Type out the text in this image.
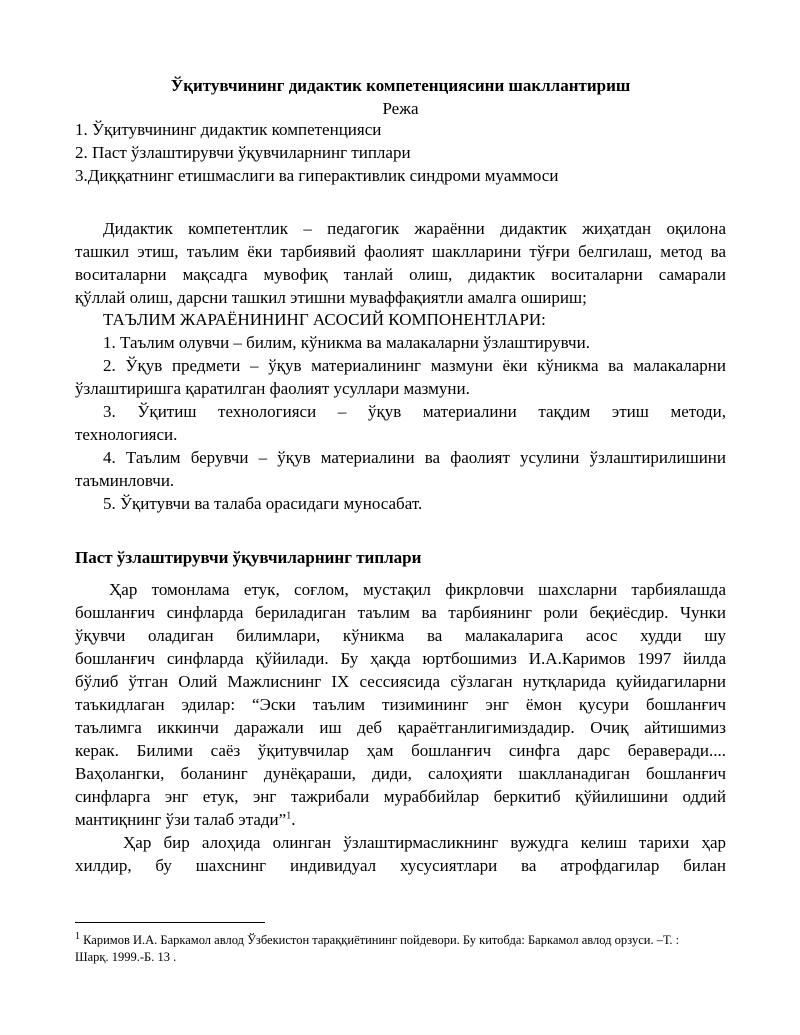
Ўқитувчининг дидактик компетенциясини шакллантириш
Режа
1. Ўқитувчининг дидактик компетенцияси
2. Паст ўзлаштирувчи ўқувчиларнинг типлари
3.Диққатнинг етишмаслиги ва гиперактивлик синдроми муаммоси
Дидактик компетентлик – педагогик жараённи дидактик жиҳатдан оқилона
ташкил этиш, таълим ёки тарбиявий фаолият шаклларини тўғри белгилаш, метод ва
воситаларни мақсадга мувофиқ танлай олиш, дидактик воситаларни самарали
қўллай олиш, дарсни ташкил этишни муваффақиятли амалга ошириш;
ТАЪЛИМ ЖАРАЁНИНИНГ АСОСИЙ КОМПОНЕНТЛАРИ:
1. Таълим олувчи – билим, кўникма ва малакаларни ўзлаштирувчи.
2. Ўқув предмети – ўқув материалининг мазмуни ёки кўникма ва малакаларни
ўзлаштиришга қаратилган фаолият усуллари мазмуни.
3. Ўқитиш технологияси – ўқув материалини тақдим этиш методи,
технологияси.
4. Таълим берувчи – ўқув материалини ва фаолият усулини ўзлаштирилишини
таъминловчи.
5. Ўқитувчи ва талаба орасидаги муносабат.
Паст ўзлаштирувчи ўқувчиларнинг типлари
Ҳар томонлама етук, соғлом, мустақил фикрловчи шахсларни тарбиялашда
бошланғич синфларда бериладиган таълим ва тарбиянинг роли беқиёсдир. Чунки
ўқувчи оладиган билимлари, кўникма ва малакаларига асос худди шу
бошланғич синфларда қўйилади. Бу ҳақда юртбошимиз И.А.Каримов 1997 йилда
бўлиб ўтган Олий Мажлиснинг IX сессиясида сўзлаган нутқларида қуйидагиларни
таъкидлаган эдилар: “Эски таълим тизимининг энг ёмон қусури бошланғич
таълимга иккинчи даражали иш деб қараётганлигимиздадир. Очиқ айтишимиз
керак. Билими саёз ўқитувчилар ҳам бошланғич синфга дарс бераверади....
Ваҳолангки, боланинг дунёқараши, диди, салоҳияти шаклланадиган бошланғич
синфларга энг етук, энг тажрибали мураббийлар беркитиб қўйилишини оддий
мантиқнинг ўзи талаб этади”$^1$.
Ҳар бир алоҳида олинган ўзлаштирмасликнинг вужудга келиш тарихи ҳар
хилдир, бу шахснинг индивидуал хусусиятлари ва атрофдагилар билан
$^1$ Каримов И.А. Баркамол авлод Ўзбекистон тараққиётининг пойдевори. Бу китобда: Баркамол авлод орзуси. –Т. :
Шарқ. 1999.-Б. 13 .
